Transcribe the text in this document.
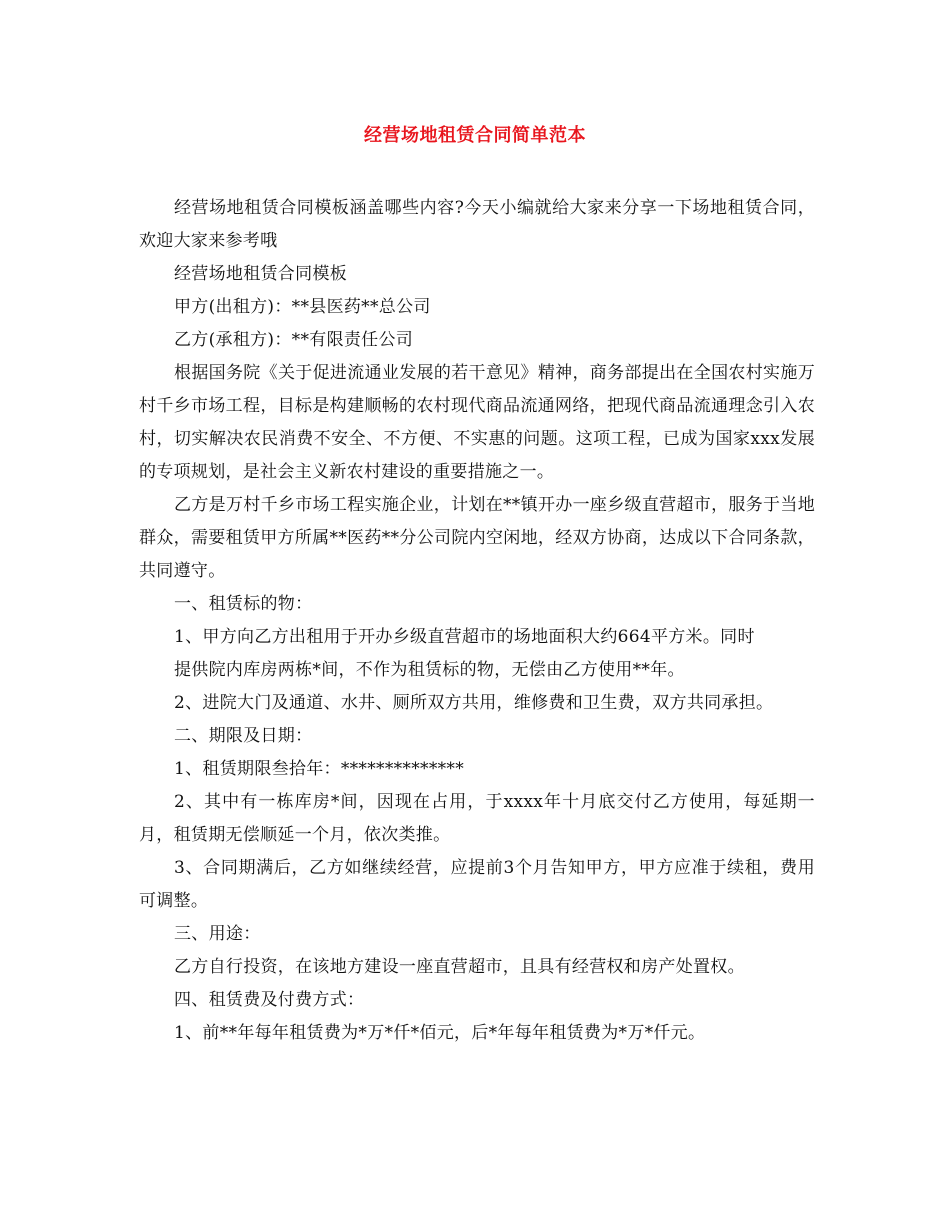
经营场地租赁合同简单范本

经营场地租赁合同模板涵盖哪些内容?今天小编就给大家来分享一下场地租赁合同，欢迎大家来参考哦

经营场地租赁合同模板

甲方(出租方)：**县医药**总公司

乙方(承租方)：**有限责任公司

根据国务院《关于促进流通业发展的若干意见》精神，商务部提出在全国农村实施万村千乡市场工程，目标是构建顺畅的农村现代商品流通网络，把现代商品流通理念引入农村，切实解决农民消费不安全、不方便、不实惠的问题。这项工程，已成为国家xxx发展的专项规划，是社会主义新农村建设的重要措施之一。

乙方是万村千乡市场工程实施企业，计划在**镇开办一座乡级直营超市，服务于当地群众，需要租赁甲方所属**医药**分公司院内空闲地，经双方协商，达成以下合同条款，共同遵守。

一、租赁标的物：

1、甲方向乙方出租用于开办乡级直营超市的场地面积大约664平方米。同时

提供院内库房两栋*间，不作为租赁标的物，无偿由乙方使用**年。

2、进院大门及通道、水井、厕所双方共用，维修费和卫生费，双方共同承担。

二、期限及日期：

1、租赁期限叁拾年：**************

2、其中有一栋库房*间，因现在占用，于xxxx年十月底交付乙方使用，每延期一月，租赁期无偿顺延一个月，依次类推。

3、合同期满后，乙方如继续经营，应提前3个月告知甲方，甲方应准于续租，费用可调整。

三、用途：

乙方自行投资，在该地方建设一座直营超市，且具有经营权和房产处置权。

四、租赁费及付费方式：

1、前**年每年租赁费为*万*仟*佰元，后*年每年租赁费为*万*仟元。
